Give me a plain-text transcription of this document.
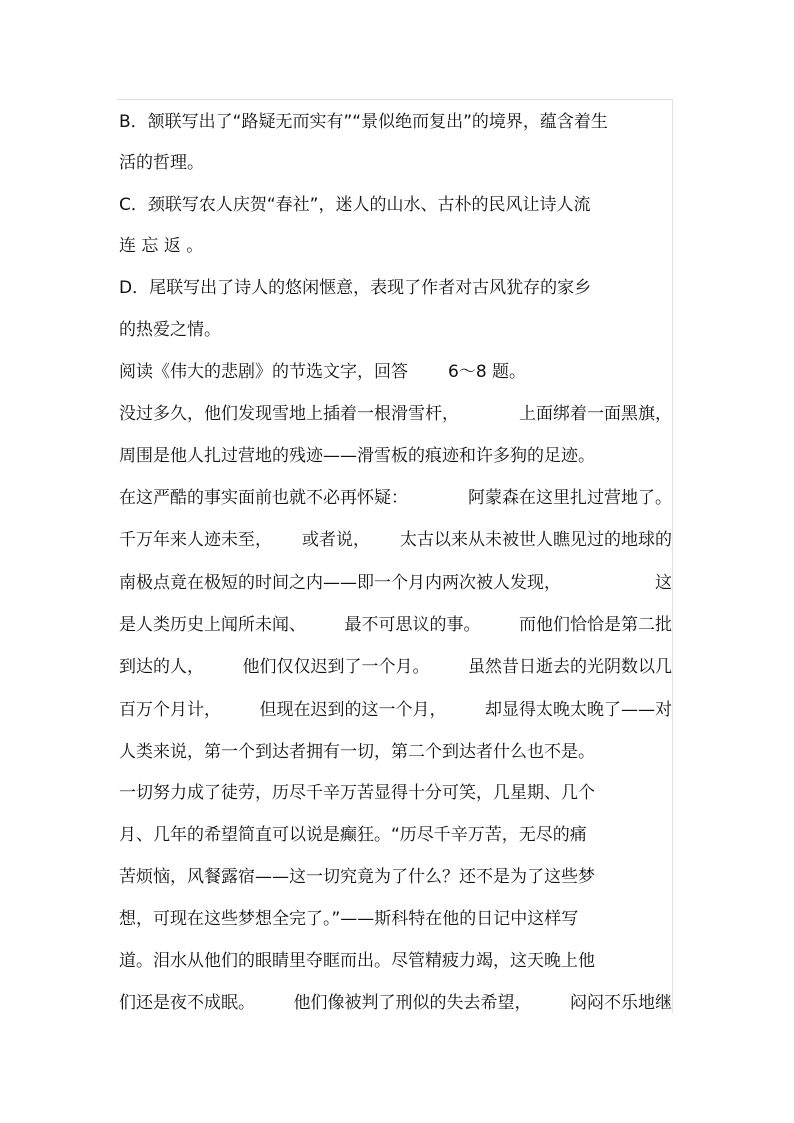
B．颔联写出了“路疑无而实有”“景似绝而复出”的境界，蕴含着生
活的哲理。
C．颈联写农人庆贺“春社”，迷人的山水、古朴的民风让诗人流
连 忘 返 。
D．尾联写出了诗人的悠闲惬意，表现了作者对古风犹存的家乡
的热爱之情。
阅读《伟大的悲剧》的节选文字，回答 6～8 题。
没过多久，他们发现雪地上插着一根滑雪杆，	上面绑着一面黑旗，
周围是他人扎过营地的残迹——滑雪板的痕迹和许多狗的足迹。
在这严酷的事实面前也就不必再怀疑：	阿蒙森在这里扎过营地了。
千万年来人迹未至， 或者说， 太古以来从未被世人瞧见过的地球的
南极点竟在极短的时间之内——即一个月内两次被人发现，	这
是人类历史上闻所未闻、 最不可思议的事。 而他们恰恰是第二批
到达的人， 他们仅仅迟到了一个月。 虽然昔日逝去的光阴数以几
百万个月计， 但现在迟到的这一个月， 却显得太晚太晚了——对
人类来说，第一个到达者拥有一切，第二个到达者什么也不是。
一切努力成了徒劳，历尽千辛万苦显得十分可笑，几星期、几个
月、几年的希望简直可以说是癫狂。“历尽千辛万苦，无尽的痛
苦烦恼，风餐露宿——这一切究竟为了什么？还不是为了这些梦
想，可现在这些梦想全完了。”——斯科特在他的日记中这样写
道。泪水从他们的眼睛里夺眶而出。尽管精疲力竭，这天晚上他
们还是夜不成眠。 他们像被判了刑似的失去希望， 闷闷不乐地继
